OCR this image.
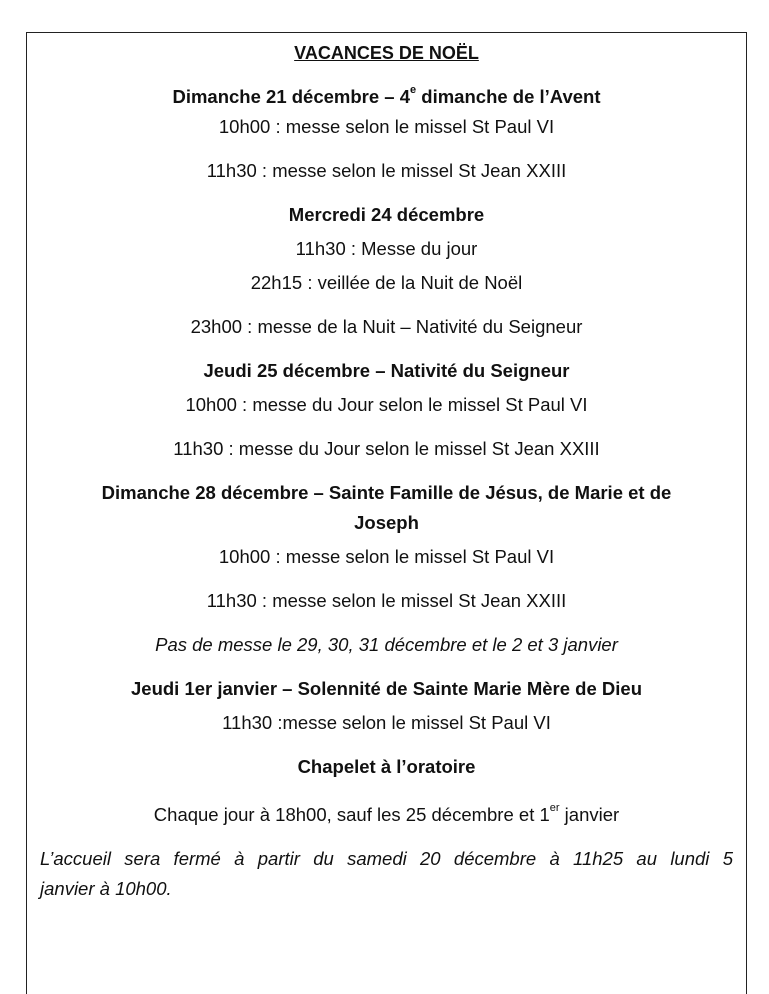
VACANCES DE NOËL
Dimanche 21 décembre – 4e dimanche de l’Avent
10h00 : messe selon le missel St Paul VI
11h30 : messe selon le missel St Jean XXIII
Mercredi 24 décembre
11h30 : Messe du jour
22h15 : veillée de la Nuit de Noël
23h00 : messe de la Nuit – Nativité du Seigneur
Jeudi 25 décembre – Nativité du Seigneur
10h00 : messe du Jour selon le missel St Paul VI
11h30 : messe du Jour selon le missel St Jean XXIII
Dimanche 28 décembre – Sainte Famille de Jésus, de Marie et de
Joseph
10h00 : messe selon le missel St Paul VI
11h30 : messe selon le missel St Jean XXIII
Pas de messe le 29, 30, 31 décembre et le 2 et 3 janvier
Jeudi 1er janvier – Solennité de Sainte Marie Mère de Dieu
11h30 :messe selon le missel St Paul VI
Chapelet à l’oratoire
Chaque jour à 18h00, sauf les 25 décembre et 1er janvier
L’accueil sera fermé à partir du samedi 20 décembre à 11h25 au lundi 5
janvier à 10h00.
